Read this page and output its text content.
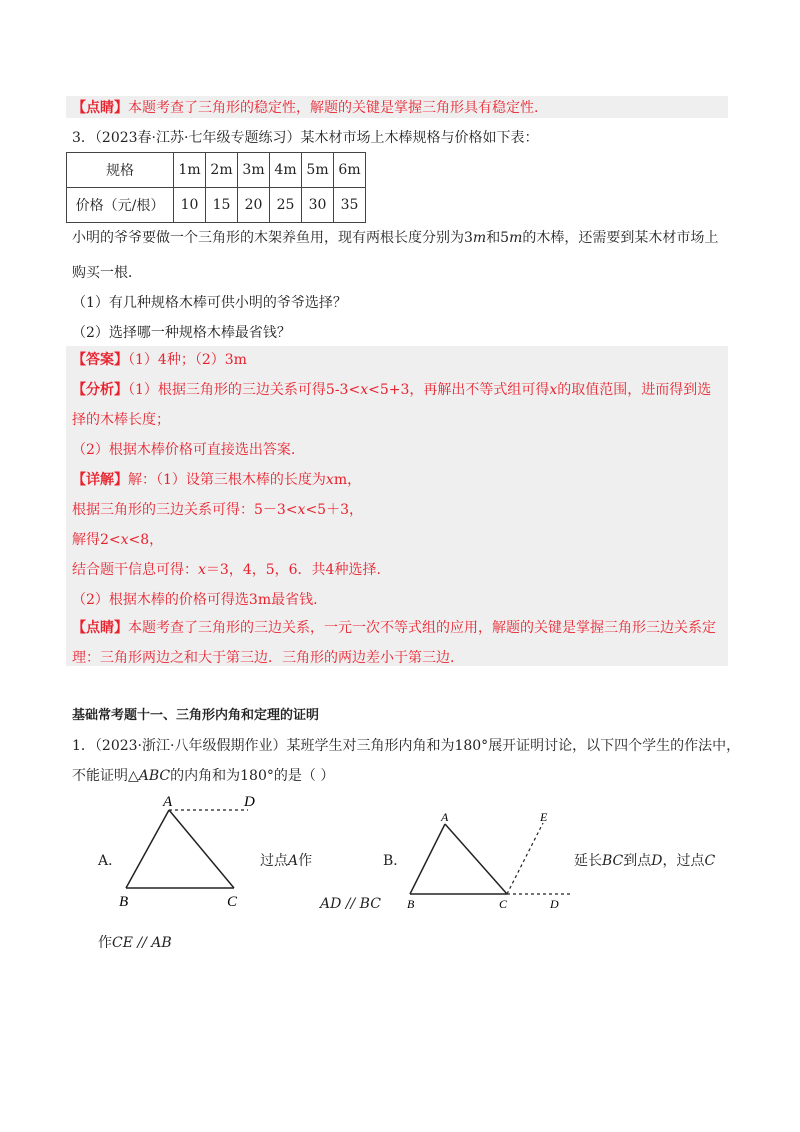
【点睛】本题考查了三角形的稳定性，解题的关键是掌握三角形具有稳定性.
3．（2023春·江苏·七年级专题练习）某木材市场上木棒规格与价格如下表：
规格	1m	2m	3m	4m	5m	6m
价格（元/根）	10	15	20	25	30	35
小明的爷爷要做一个三角形的木架养鱼用，现有两根长度分别为3m和5m的木棒，还需要到某木材市场上
购买一根．
（1）有几种规格木棒可供小明的爷爷选择？
（2）选择哪一种规格木棒最省钱？
【答案】（1）4种；（2）3m
【分析】（1）根据三角形的三边关系可得5-3<x<5+3，再解出不等式组可得x的取值范围，进而得到选
择的木棒长度；
（2）根据木棒价格可直接选出答案.
【详解】解：（1）设第三根木棒的长度为xm，
根据三角形的三边关系可得：5－3<x<5＋3，
解得2<x<8，
结合题干信息可得：x＝3，4，5，6．共4种选择.
（2）根据木棒的价格可得选3m最省钱.
【点睛】本题考查了三角形的三边关系，一元一次不等式组的应用，解题的关键是掌握三角形三边关系定
理：三角形两边之和大于第三边．三角形的两边差小于第三边.
基础常考题十一、三角形内角和定理的证明
1．（2023·浙江·八年级假期作业）某班学生对三角形内角和为180°展开证明讨论，以下四个学生的作法中，
不能证明△ABC的内角和为180°的是（ ）
A．
A	D
B	C
过点A作
AD // BC
B．
A	E
B	C	D
延长BC到点D，过点C
作CE // AB
